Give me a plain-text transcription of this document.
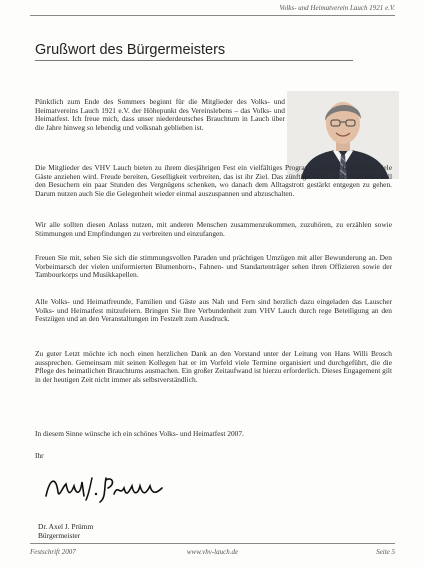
Volks- und Heimatverein Lauch 1921 e.V.
Grußwort des Bürgermeisters

Pünktlich zum Ende des Sommers beginnt für die Mitglieder des Volks- und Heimatvereins Lauch 1921 e.V. der Höhepunkt des Vereinslebens – das Volks- und Heimatfest. Ich freue mich, dass unser niederdeutsches Brauchtum in Lauch über die Jahre hinweg so lebendig und volksnah geblieben ist.

Die Mitglieder des VHV Lauch bieten zu ihrem diesjährigen Fest ein vielfältiges Programm an, das hoffentlich viele Gäste anziehen wird. Freude bereiten, Geselligkeit verbreiten, das ist ihr Ziel. Das zünftige Volks- und Heimatfest soll den Besuchern ein paar Stunden des Vergnügens schenken, wo danach dem Alltagstrott gestärkt entgegen zu gehen. Darum nutzen auch Sie die Gelegenheit wieder einmal auszuspannen und abzuschalten.

Wir alle sollten diesen Anlass nutzen, mit anderen Menschen zusammenzukommen, zuzuhören, zu erzählen sowie Stimmungen und Empfindungen zu verbreiten und einzufangen.

Freuen Sie mit, sehen Sie sich die stimmungsvollen Paraden und prächtigen Umzügen mit aller Bewunderung an. Den Vorbeimarsch der vielen uniformierten Blumenhorn-, Fahnen- und Standartenträger sehen ihren Offizieren sowie der Tambourkorps und Musikkapellen.

Alle Volks- und Heimatfreunde, Familien und Gäste aus Nah und Fern sind herzlich dazu eingeladen das Lauscher Volks- und Heimatfest mitzufeiern. Bringen Sie Ihre Verbundenheit zum VHV Lauch durch rege Beteiligung an den Festzügen und an den Veranstaltungen im Festzelt zum Ausdruck.

Zu guter Letzt möchte ich noch einen herzlichen Dank an den Vorstand unter der Leitung von Hans Willi Brosch aussprechen. Gemeinsam mit seinen Kollegen hat er im Vorfeld viele Termine organisiert und durchgeführt, die die Pflege des heimatlichen Brauchtums ausmachen. Ein großer Zeitaufwand ist hierzu erforderlich. Dieses Engagement gilt in der heutigen Zeit nicht immer als selbstverständlich.

In diesem Sinne wünsche ich ein schönes Volks- und Heimatfest 2007.

Ihr

Dr. Axel J. Prümm
Bürgermeister
Festschrift 2007	www.vhv-lauch.de	Seite 5
